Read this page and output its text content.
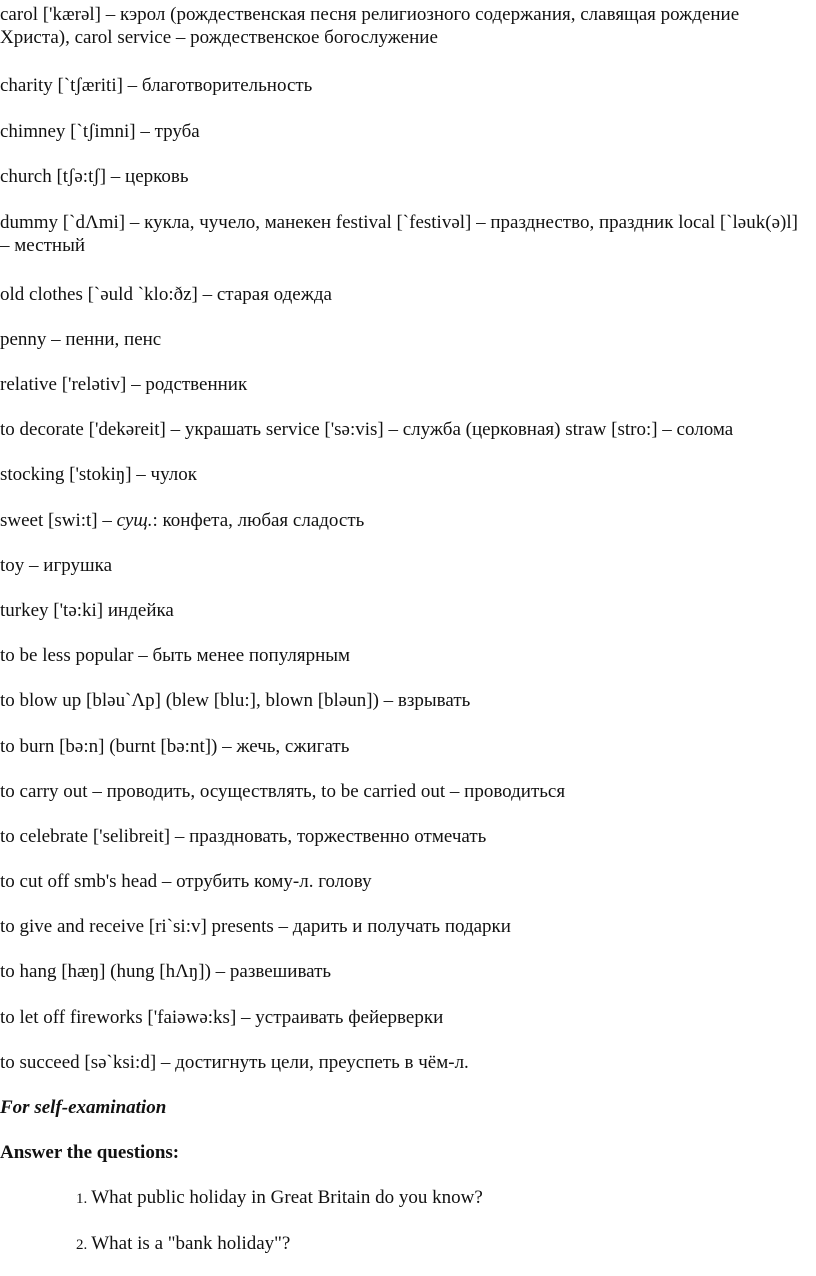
carol ['kærəl] – кэрол (рождественская песня религиозного содержания, славящая рождение Христа), carol service – рождественское богослужение
charity [`tʃæriti] – благотворительность
chimney [`tʃimni] – труба
church [tʃə:tʃ] – церковь
dummy [`dΛmi] – кукла, чучело, манекен festival [`festivəl] – празднество, праздник local [`ləuk(ə)l] – местный
old clothes [`əuld `klo:ðz] – старая одежда
penny – пенни, пенс
relative ['relətiv] – родственник
to decorate ['dekəreit] – украшать service ['sə:vis] – служба (церковная) straw [stro:] – солома
stocking ['stokiŋ] – чулок
sweet [swi:t] – сущ.: конфета, любая сладость
toy – игрушка
turkey ['tə:ki] индейка
to be less popular – быть менее популярным
to blow up [bləu`Λp] (blew [blu:], blown [bləun]) – взрывать
to burn [bə:n] (burnt [bə:nt]) – жечь, сжигать
to carry out – проводить, осуществлять, to be carried out – проводиться
to celebrate ['selibreit] – праздновать, торжественно отмечать
to cut off smb's head – отрубить кому-л. голову
to give and receive [ri`si:v] presents – дарить и получать подарки
to hang [hæŋ] (hung [hΛŋ]) – развешивать
to let off fireworks ['faiəwə:ks] – устраивать фейерверки
to succeed [sə`ksi:d] – достигнуть цели, преуспеть в чём-л.
For self-examination
Answer the questions:
1. What public holiday in Great Britain do you know?
2. What is a "bank holiday"?
